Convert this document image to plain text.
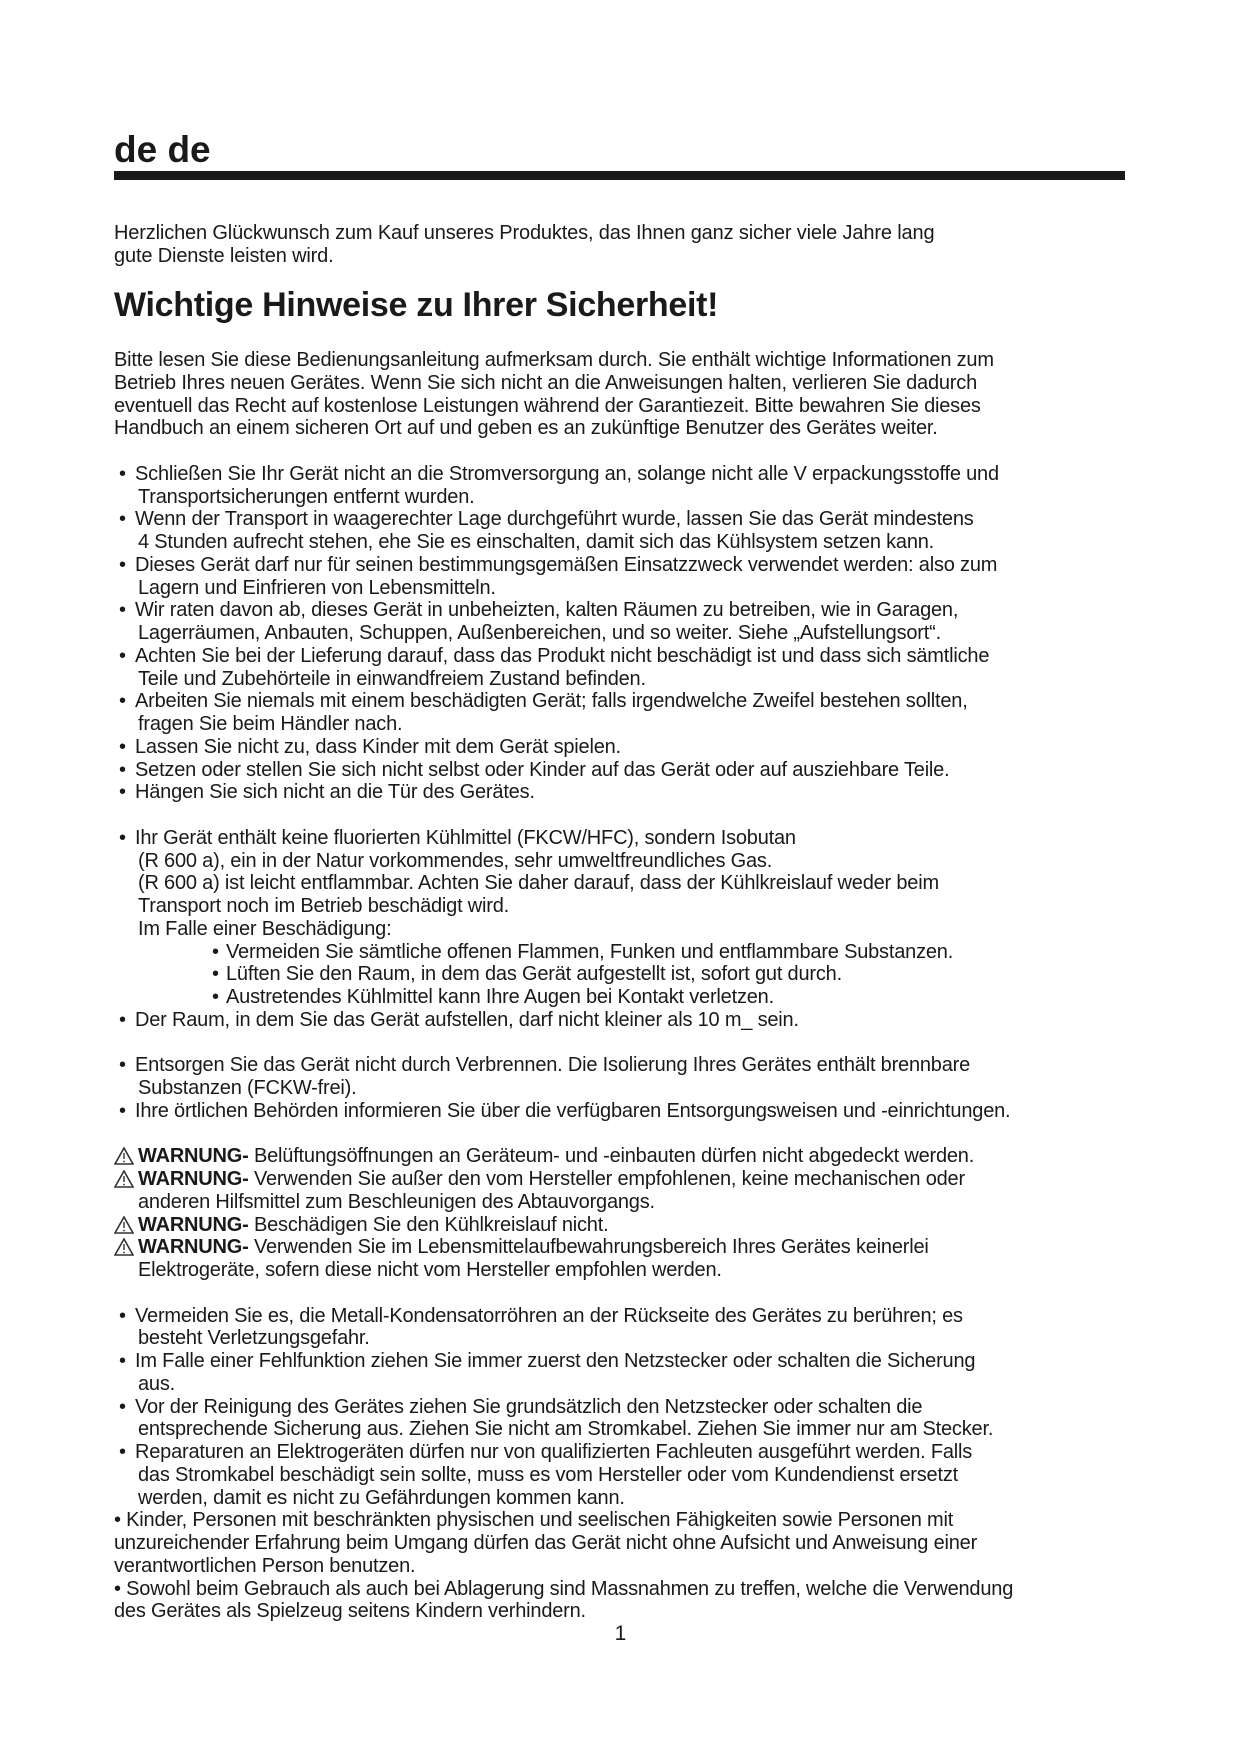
de de
Herzlichen Glückwunsch zum Kauf unseres Produktes, das Ihnen ganz sicher viele Jahre lang
gute Dienste leisten wird.
Wichtige Hinweise zu Ihrer Sicherheit!
Bitte lesen Sie diese Bedienungsanleitung aufmerksam durch. Sie enthält wichtige Informationen zum
Betrieb Ihres neuen Gerätes. Wenn Sie sich nicht an die Anweisungen halten, verlieren Sie dadurch
eventuell das Recht auf kostenlose Leistungen während der Garantiezeit. Bitte bewahren Sie dieses
Handbuch an einem sicheren Ort auf und geben es an zukünftige Benutzer des Gerätes weiter.
• Schließen Sie Ihr Gerät nicht an die Stromversorgung an, solange nicht alle V erpackungsstoffe und
Transportsicherungen entfernt wurden.
• Wenn der Transport in waagerechter Lage durchgeführt wurde, lassen Sie das Gerät mindestens
4 Stunden aufrecht stehen, ehe Sie es einschalten, damit sich das Kühlsystem setzen kann.
• Dieses Gerät darf nur für seinen bestimmungsgemäßen Einsatzzweck verwendet werden: also zum
Lagern und Einfrieren von Lebensmitteln.
• Wir raten davon ab, dieses Gerät in unbeheizten, kalten Räumen zu betreiben, wie in Garagen,
Lagerräumen, Anbauten, Schuppen, Außenbereichen, und so weiter. Siehe „Aufstellungsort“.
• Achten Sie bei der Lieferung darauf, dass das Produkt nicht beschädigt ist und dass sich sämtliche
Teile und Zubehörteile in einwandfreiem Zustand befinden.
• Arbeiten Sie niemals mit einem beschädigten Gerät; falls irgendwelche Zweifel bestehen sollten,
fragen Sie beim Händler nach.
• Lassen Sie nicht zu, dass Kinder mit dem Gerät spielen.
• Setzen oder stellen Sie sich nicht selbst oder Kinder auf das Gerät oder auf ausziehbare Teile.
• Hängen Sie sich nicht an die Tür des Gerätes.
• Ihr Gerät enthält keine fluorierten Kühlmittel (FKCW/HFC), sondern Isobutan
(R 600 a), ein in der Natur vorkommendes, sehr umweltfreundliches Gas.
(R 600 a) ist leicht entflammbar. Achten Sie daher darauf, dass der Kühlkreislauf weder beim
Transport noch im Betrieb beschädigt wird.
Im Falle einer Beschädigung:
• Vermeiden Sie sämtliche offenen Flammen, Funken und entflammbare Substanzen.
• Lüften Sie den Raum, in dem das Gerät aufgestellt ist, sofort gut durch.
• Austretendes Kühlmittel kann Ihre Augen bei Kontakt verletzen.
• Der Raum, in dem Sie das Gerät aufstellen, darf nicht kleiner als 10 m_ sein.
• Entsorgen Sie das Gerät nicht durch Verbrennen. Die Isolierung Ihres Gerätes enthält brennbare
Substanzen (FCKW-frei).
• Ihre örtlichen Behörden informieren Sie über die verfügbaren Entsorgungsweisen und -einrichtungen.
WARNUNG- Belüftungsöffnungen an Geräteum- und -einbauten dürfen nicht abgedeckt werden.
WARNUNG- Verwenden Sie außer den vom Hersteller empfohlenen, keine mechanischen oder
anderen Hilfsmittel zum Beschleunigen des Abtauvorgangs.
WARNUNG- Beschädigen Sie den Kühlkreislauf nicht.
WARNUNG- Verwenden Sie im Lebensmittelaufbewahrungsbereich Ihres Gerätes keinerlei
Elektrogeräte, sofern diese nicht vom Hersteller empfohlen werden.
• Vermeiden Sie es, die Metall-Kondensatorröhren an der Rückseite des Gerätes zu berühren; es
besteht Verletzungsgefahr.
• Im Falle einer Fehlfunktion ziehen Sie immer zuerst den Netzstecker oder schalten die Sicherung
aus.
• Vor der Reinigung des Gerätes ziehen Sie grundsätzlich den Netzstecker oder schalten die
entsprechende Sicherung aus. Ziehen Sie nicht am Stromkabel. Ziehen Sie immer nur am Stecker.
• Reparaturen an Elektrogeräten dürfen nur von qualifizierten Fachleuten ausgeführt werden. Falls
das Stromkabel beschädigt sein sollte, muss es vom Hersteller oder vom Kundendienst ersetzt
werden, damit es nicht zu Gefährdungen kommen kann.
• Kinder, Personen mit beschränkten physischen und seelischen Fähigkeiten sowie Personen mit
unzureichender Erfahrung beim Umgang dürfen das Gerät nicht ohne Aufsicht und Anweisung einer
verantwortlichen Person benutzen.
• Sowohl beim Gebrauch als auch bei Ablagerung sind Massnahmen zu treffen, welche die Verwendung
des Gerätes als Spielzeug seitens Kindern verhindern.
1
